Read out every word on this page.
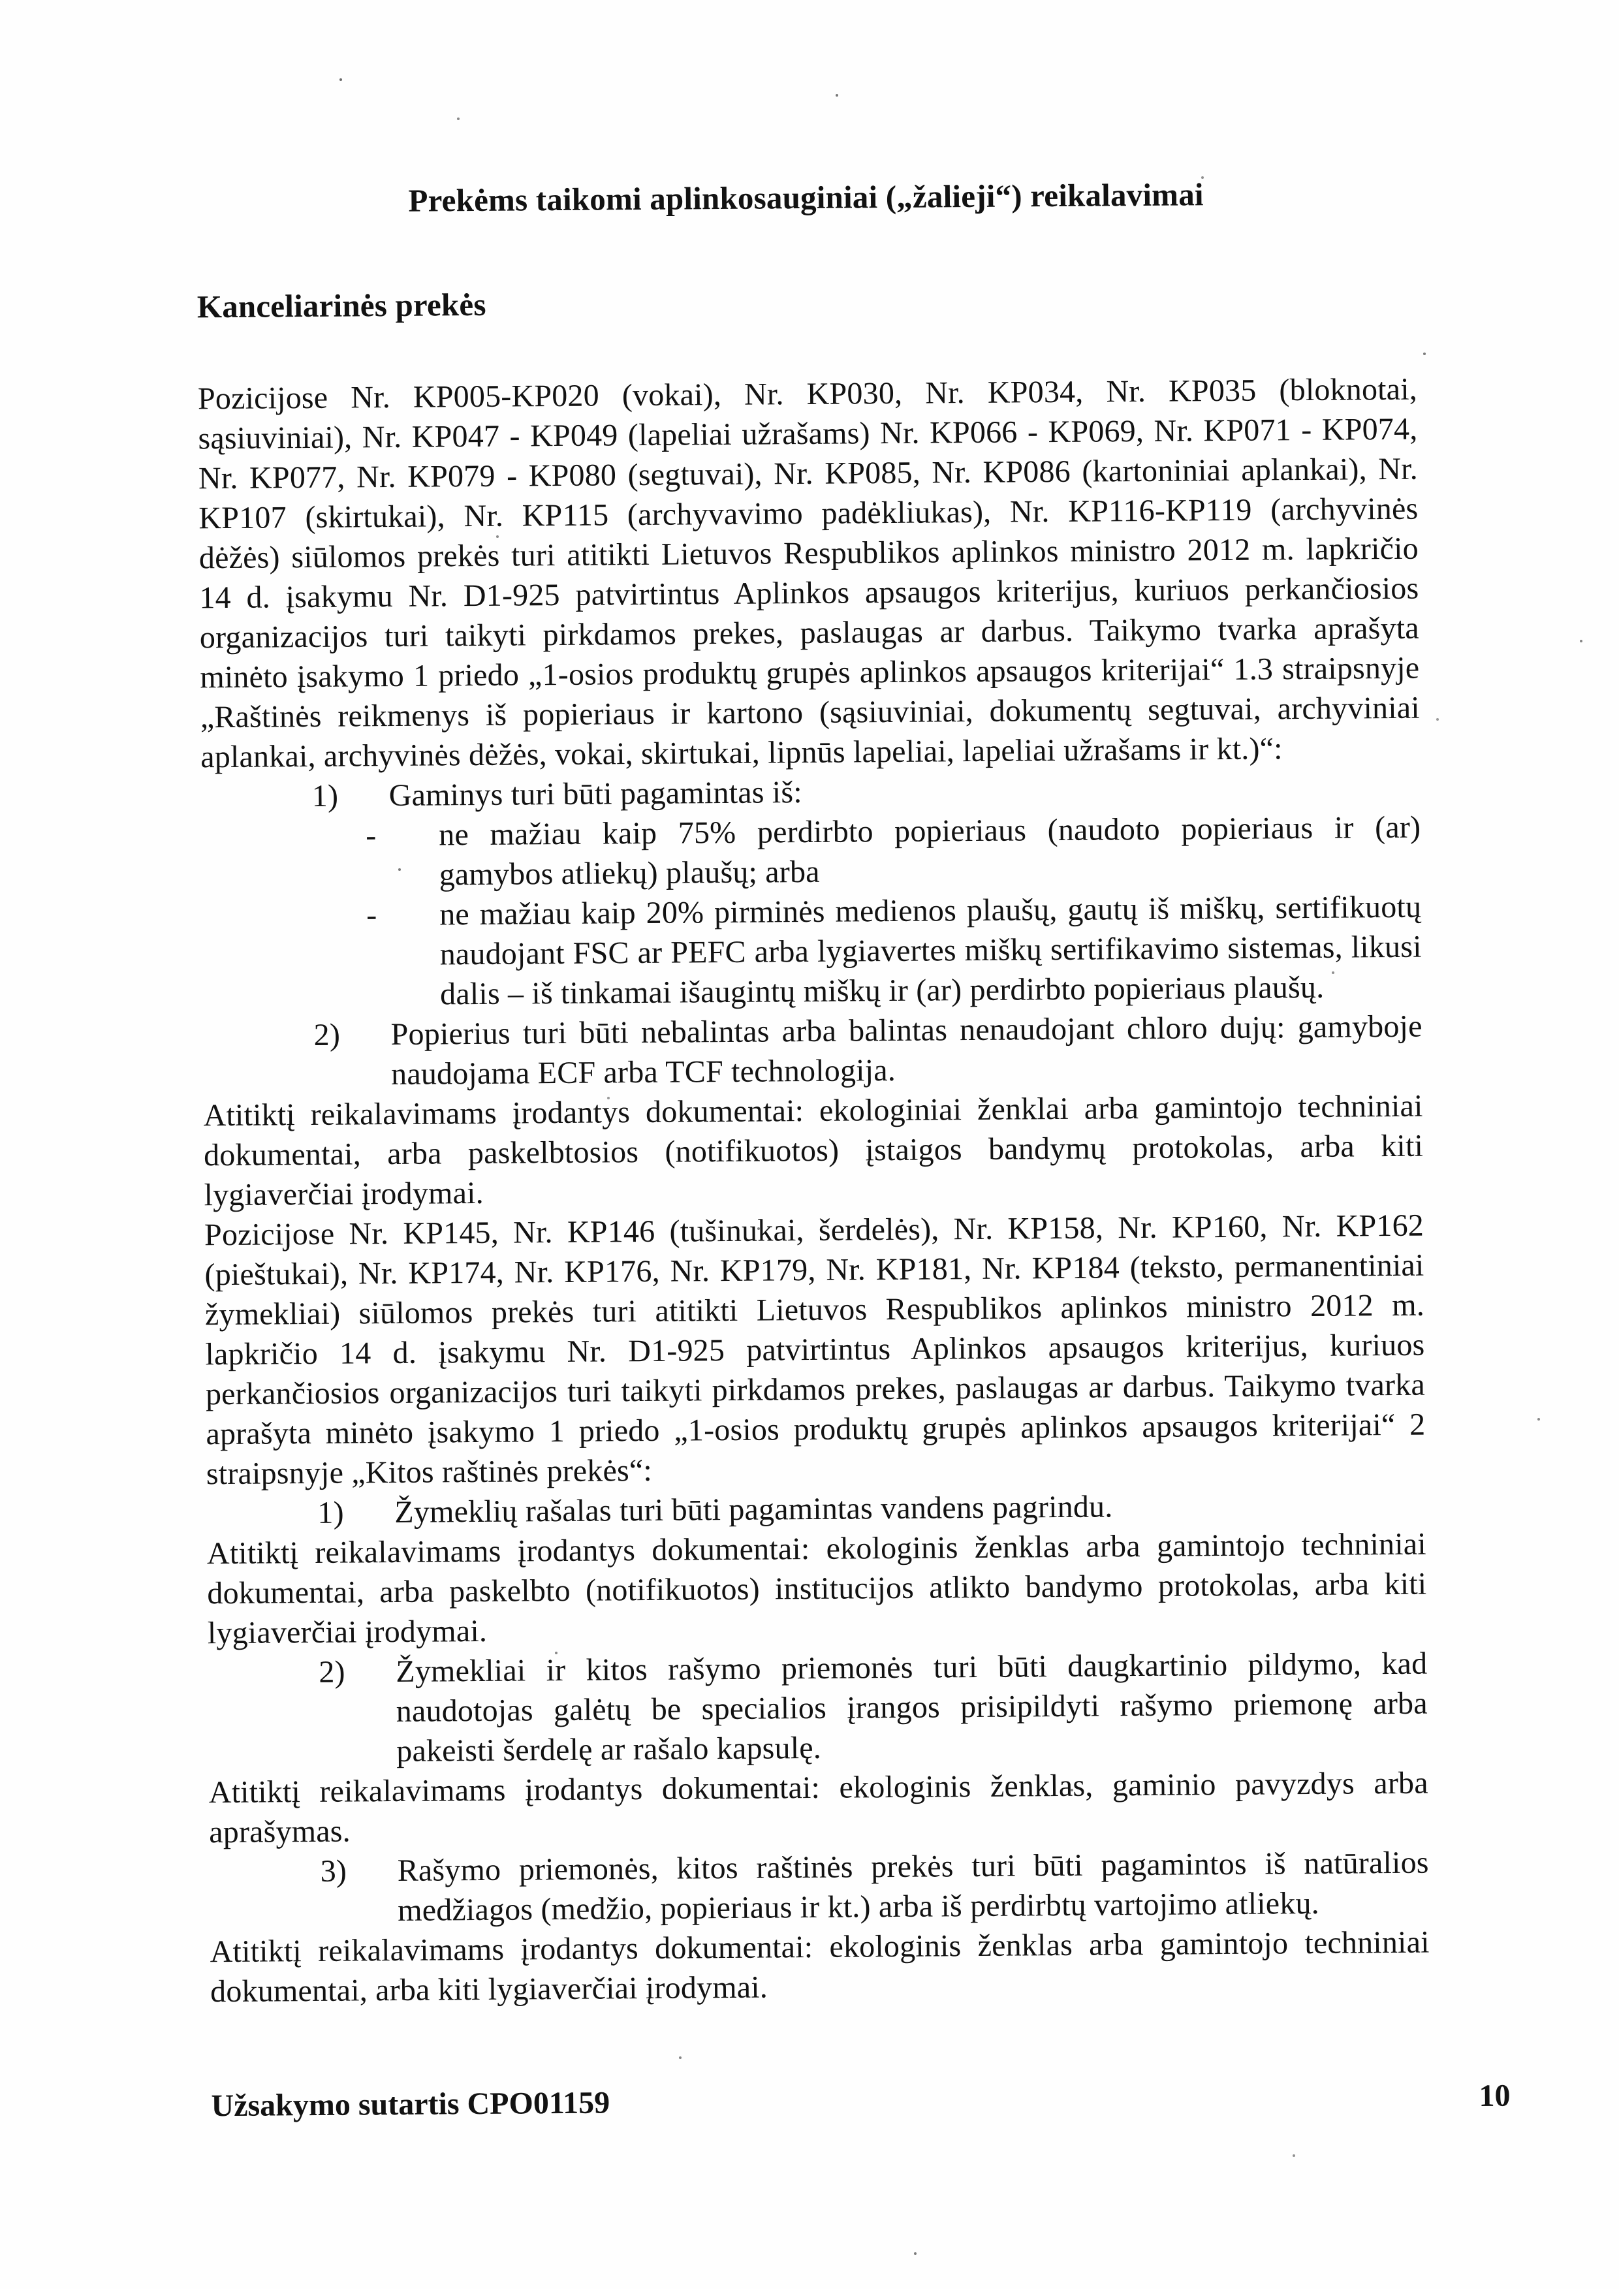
Prekėms taikomi aplinkosauginiai („žalieji“) reikalavimai
Kanceliarinės prekės

Pozicijose Nr. KP005-KP020 (vokai), Nr. KP030, Nr. KP034, Nr. KP035 (bloknotai, sąsiuviniai), Nr. KP047 - KP049 (lapeliai užrašams) Nr. KP066 - KP069, Nr. KP071 - KP074, Nr. KP077, Nr. KP079 - KP080 (segtuvai), Nr. KP085, Nr. KP086 (kartoniniai aplankai), Nr. KP107 (skirtukai), Nr. KP115 (archyvavimo padėkliukas), Nr. KP116-KP119 (archyvinės dėžės) siūlomos prekės turi atitikti Lietuvos Respublikos aplinkos ministro 2012 m. lapkričio 14 d. įsakymu Nr. D1-925 patvirtintus Aplinkos apsaugos kriterijus, kuriuos perkančiosios organizacijos turi taikyti pirkdamos prekes, paslaugas ar darbus. Taikymo tvarka aprašyta minėto įsakymo 1 priedo „1-osios produktų grupės aplinkos apsaugos kriterijai“ 1.3 straipsnyje „Raštinės reikmenys iš popieriaus ir kartono (sąsiuviniai, dokumentų segtuvai, archyviniai aplankai, archyvinės dėžės, vokai, skirtukai, lipnūs lapeliai, lapeliai užrašams ir kt.)“:

1)	Gaminys turi būti pagamintas iš:
-	ne mažiau kaip 75% perdirbto popieriaus (naudoto popieriaus ir (ar) gamybos atliekų) plaušų; arba
-	ne mažiau kaip 20% pirminės medienos plaušų, gautų iš miškų, sertifikuotų naudojant FSC ar PEFC arba lygiavertes miškų sertifikavimo sistemas, likusi dalis – iš tinkamai išaugintų miškų ir (ar) perdirbto popieriaus plaušų.
2)	Popierius turi būti nebalintas arba balintas nenaudojant chloro dujų: gamyboje naudojama ECF arba TCF technologija.

Atitiktį reikalavimams įrodantys dokumentai: ekologiniai ženklai arba gamintojo techniniai dokumentai, arba paskelbtosios (notifikuotos) įstaigos bandymų protokolas, arba kiti lygiaverčiai įrodymai.

Pozicijose Nr. KP145, Nr. KP146 (tušinukai, šerdelės), Nr. KP158, Nr. KP160, Nr. KP162 (pieštukai), Nr. KP174, Nr. KP176, Nr. KP179, Nr. KP181, Nr. KP184 (teksto, permanentiniai žymekliai) siūlomos prekės turi atitikti Lietuvos Respublikos aplinkos ministro 2012 m. lapkričio 14 d. įsakymu Nr. D1-925 patvirtintus Aplinkos apsaugos kriterijus, kuriuos perkančiosios organizacijos turi taikyti pirkdamos prekes, paslaugas ar darbus. Taikymo tvarka aprašyta minėto įsakymo 1 priedo „1-osios produktų grupės aplinkos apsaugos kriterijai“ 2 straipsnyje „Kitos raštinės prekės“:

1)	Žymeklių rašalas turi būti pagamintas vandens pagrindu.

Atitiktį reikalavimams įrodantys dokumentai: ekologinis ženklas arba gamintojo techniniai dokumentai, arba paskelbto (notifikuotos) institucijos atlikto bandymo protokolas, arba kiti lygiaverčiai įrodymai.

2)	Žymekliai ir kitos rašymo priemonės turi būti daugkartinio pildymo, kad naudotojas galėtų be specialios įrangos prisipildyti rašymo priemonę arba pakeisti šerdelę ar rašalo kapsulę.

Atitiktį reikalavimams įrodantys dokumentai: ekologinis ženklas, gaminio pavyzdys arba aprašymas.

3)	Rašymo priemonės, kitos raštinės prekės turi būti pagamintos iš natūralios medžiagos (medžio, popieriaus ir kt.) arba iš perdirbtų vartojimo atliekų.

Atitiktį reikalavimams įrodantys dokumentai: ekologinis ženklas arba gamintojo techniniai dokumentai, arba kiti lygiaverčiai įrodymai.

Užsakymo sutartis CPO01159	10
